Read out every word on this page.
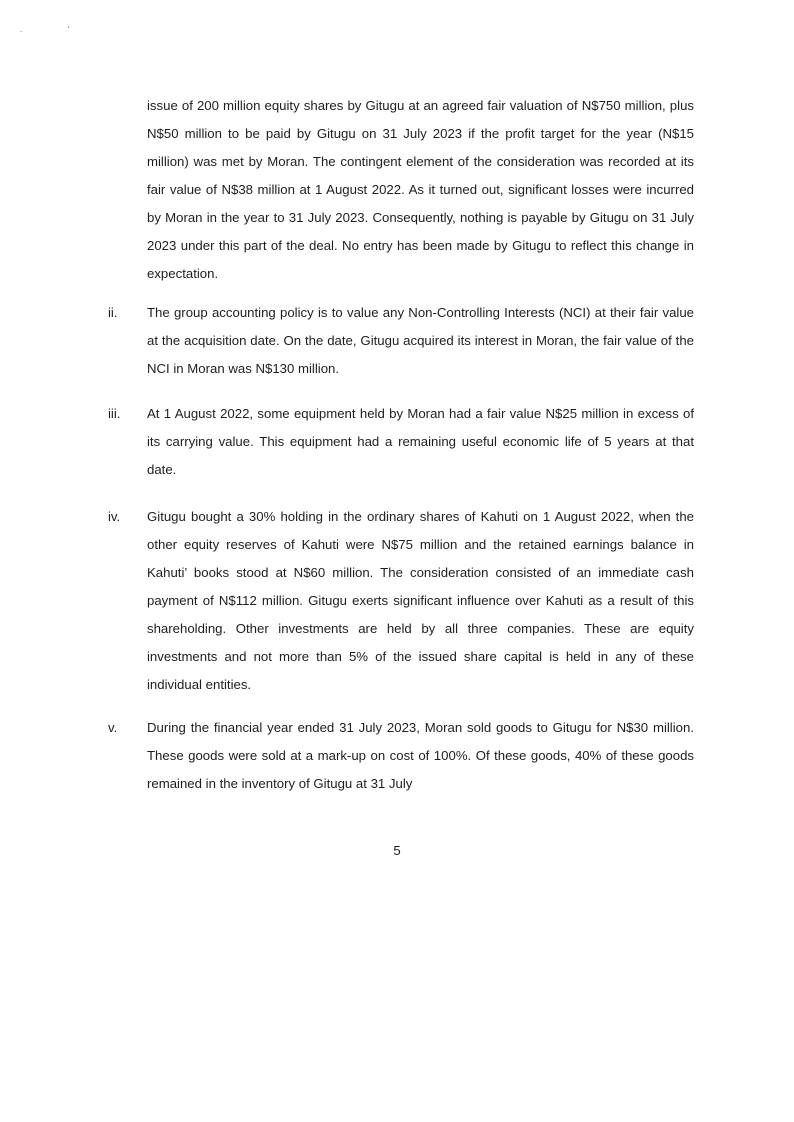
.	'

issue of 200 million equity shares by Gitugu at an agreed fair valuation of N$750 million, plus N$50 million to be paid by Gitugu on 31 July 2023 if the profit target for the year (N$15 million) was met by Moran. The contingent element of the consideration was recorded at its fair value of N$38 million at 1 August 2022. As it turned out, significant losses were incurred by Moran in the year to 31 July 2023. Consequently, nothing is payable by Gitugu on 31 July 2023 under this part of the deal. No entry has been made by Gitugu to reflect this change in expectation.

ii. The group accounting policy is to value any Non-Controlling Interests (NCI) at their fair value at the acquisition date. On the date, Gitugu acquired its interest in Moran, the fair value of the NCI in Moran was N$130 million.

iii. At 1 August 2022, some equipment held by Moran had a fair value N$25 million in excess of its carrying value. This equipment had a remaining useful economic life of 5 years at that date.

iv. Gitugu bought a 30% holding in the ordinary shares of Kahuti on 1 August 2022, when the other equity reserves of Kahuti were N$75 million and the retained earnings balance in Kahuti’ books stood at N$60 million. The consideration consisted of an immediate cash payment of N$112 million. Gitugu exerts significant influence over Kahuti as a result of this shareholding. Other investments are held by all three companies. These are equity investments and not more than 5% of the issued share capital is held in any of these individual entities.

v. During the financial year ended 31 July 2023, Moran sold goods to Gitugu for N$30 million. These goods were sold at a mark-up on cost of 100%. Of these goods, 40% of these goods remained in the inventory of Gitugu at 31 July

5
